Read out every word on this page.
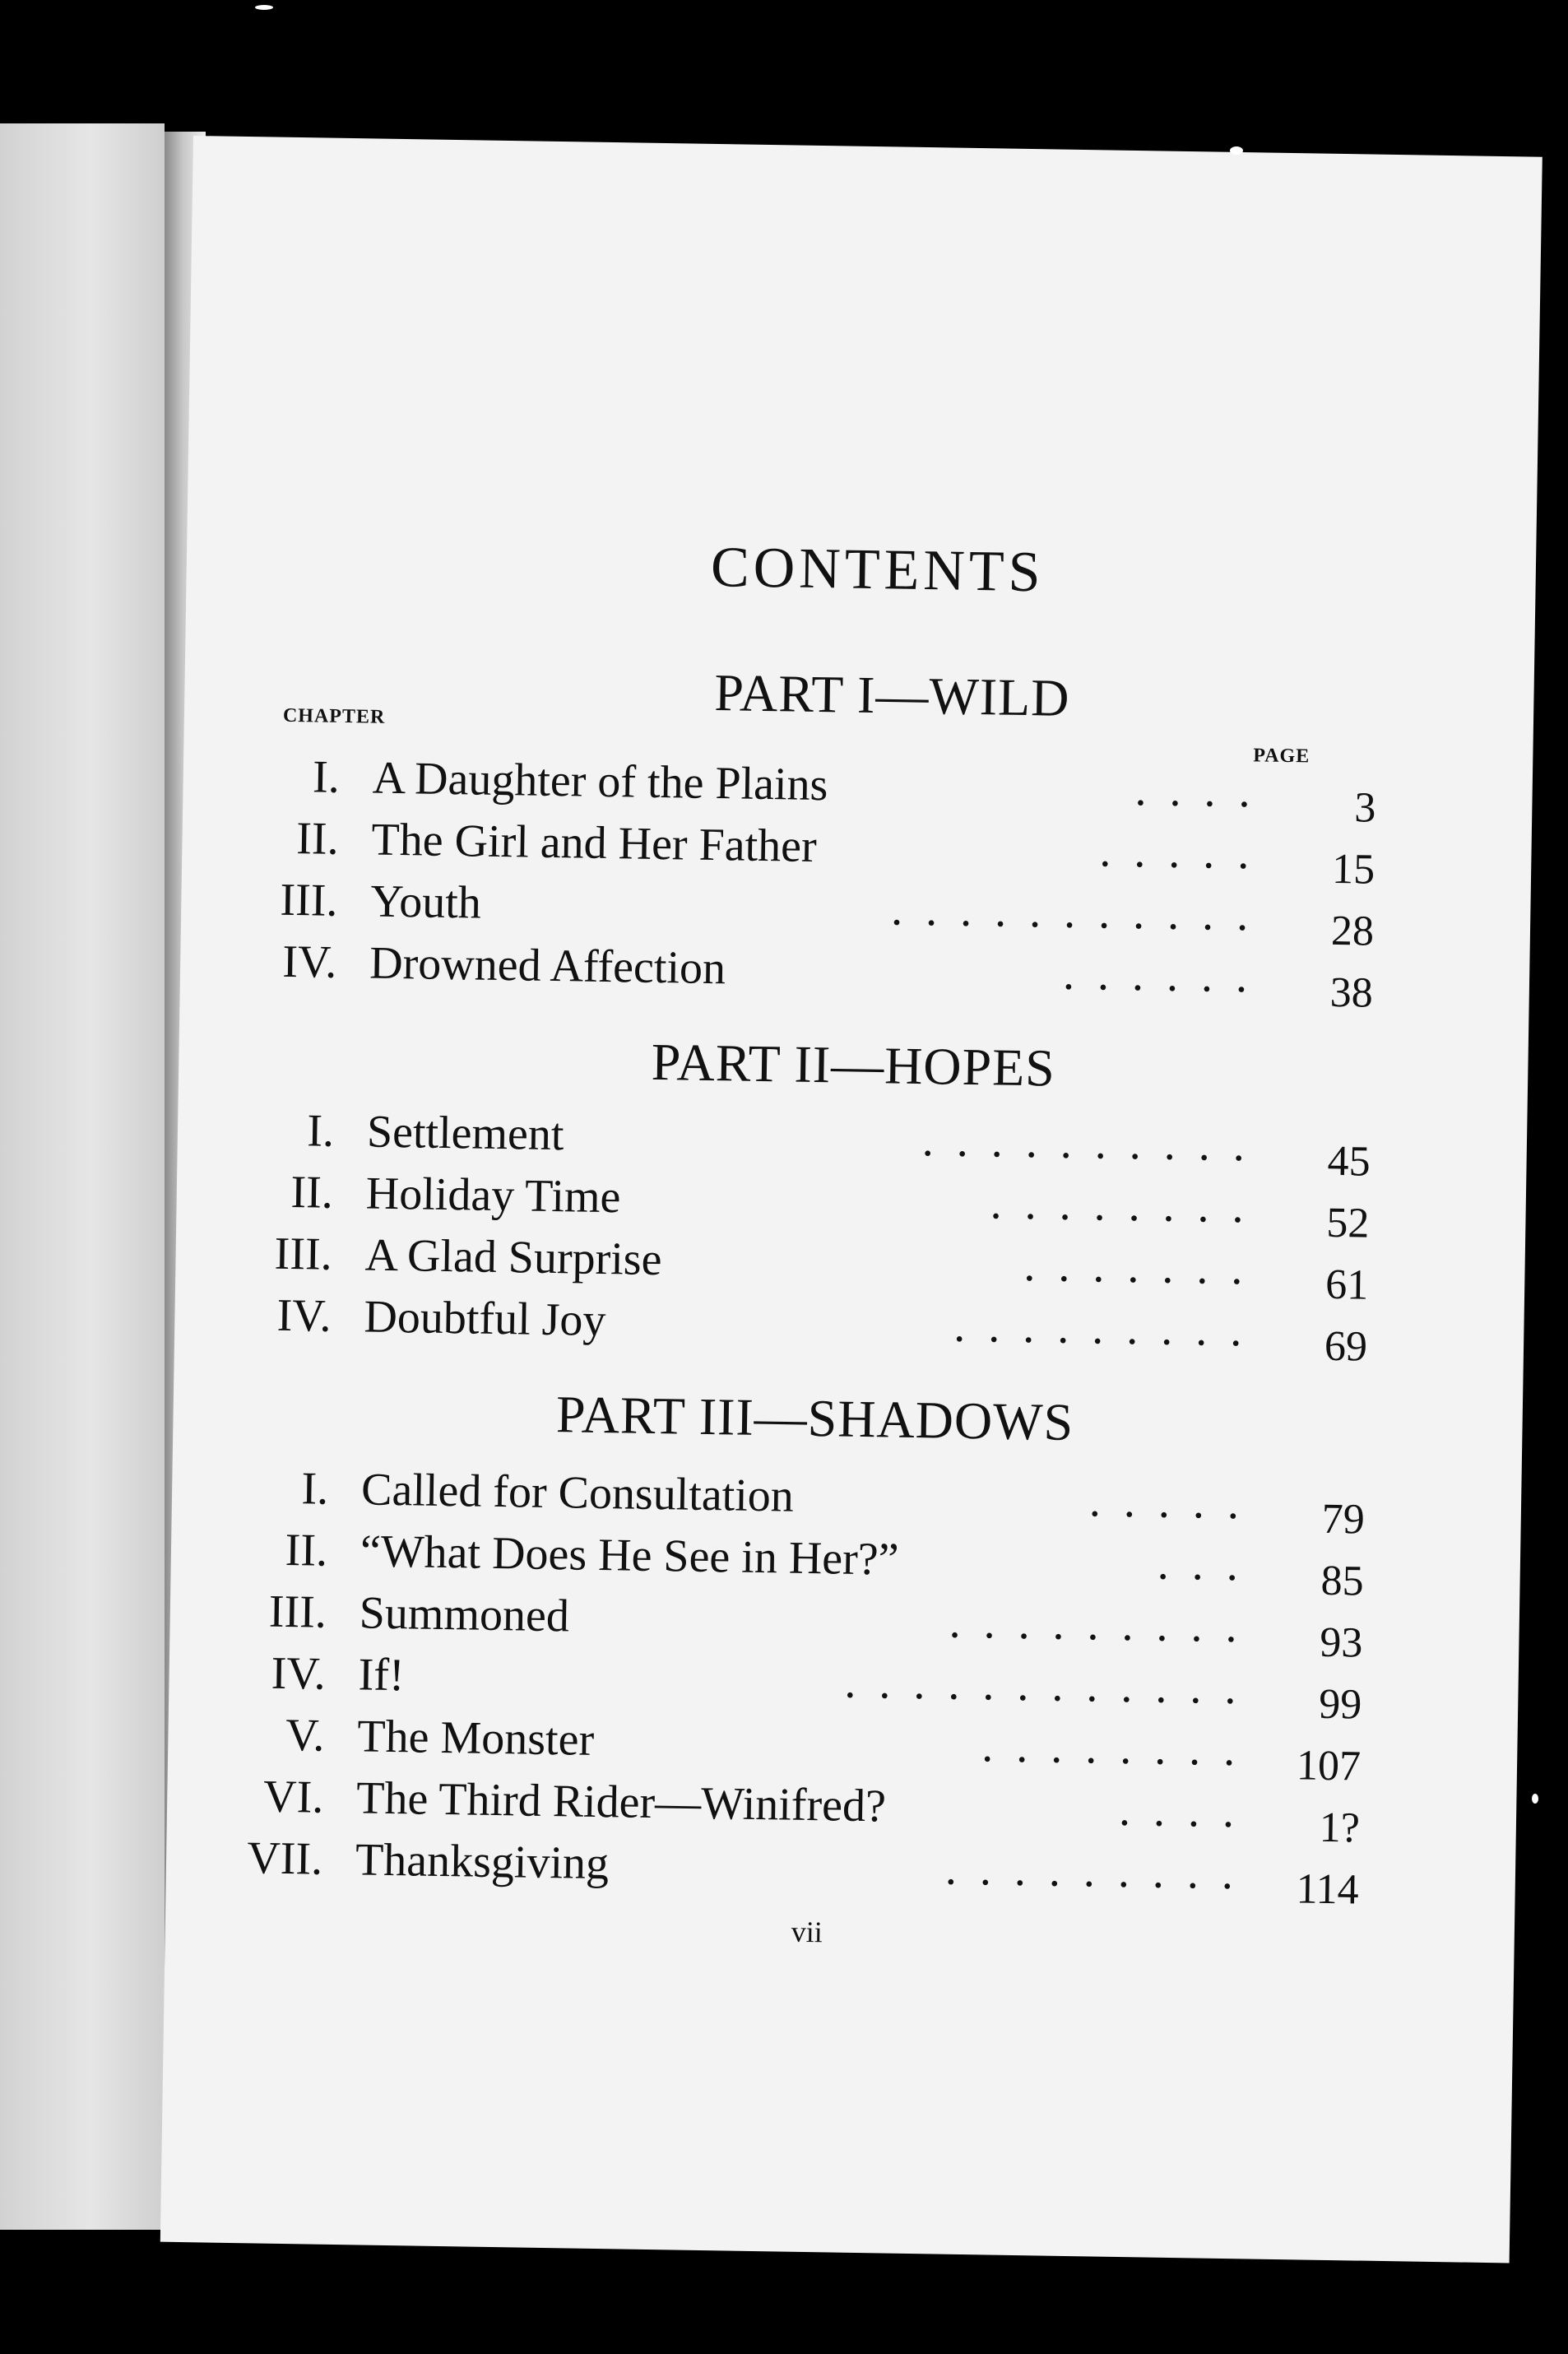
CONTENTS
PART I—WILD
CHAPTER
PAGE
I. A Daughter of the Plains	.... 3
II. The Girl and Her Father	..... 15
III. Youth	........... 28
IV. Drowned Affection	...... 38
PART II—HOPES
I. Settlement	.......... 45
II. Holiday Time	........ 52
III. A Glad Surprise	....... 61
IV. Doubtful Joy	......... 69
PART III—SHADOWS
I. Called for Consultation	..... 79
II. “What Does He See in Her?”	... 85
III. Summoned	......... 93
IV. If!	............ 99
V. The Monster	........ 107
VI. The Third Rider—Winifred?	.... 1?
VII. Thanksgiving	......... 114
vii
